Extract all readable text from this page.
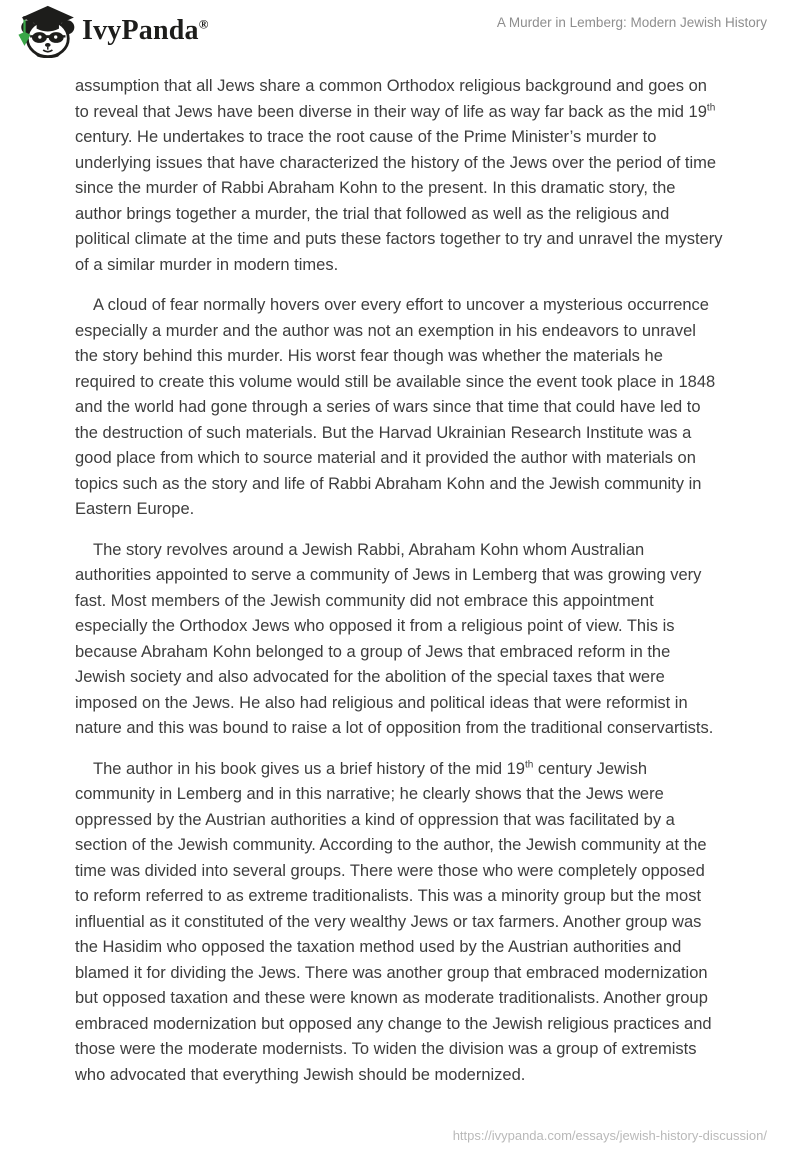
IvyPanda®	A Murder in Lemberg: Modern Jewish History

assumption that all Jews share a common Orthodox religious background and goes on to reveal that Jews have been diverse in their way of life as way far back as the mid 19th century. He undertakes to trace the root cause of the Prime Minister’s murder to underlying issues that have characterized the history of the Jews over the period of time since the murder of Rabbi Abraham Kohn to the present. In this dramatic story, the author brings together a murder, the trial that followed as well as the religious and political climate at the time and puts these factors together to try and unravel the mystery of a similar murder in modern times.

A cloud of fear normally hovers over every effort to uncover a mysterious occurrence especially a murder and the author was not an exemption in his endeavors to unravel the story behind this murder. His worst fear though was whether the materials he required to create this volume would still be available since the event took place in 1848 and the world had gone through a series of wars since that time that could have led to the destruction of such materials. But the Harvad Ukrainian Research Institute was a good place from which to source material and it provided the author with materials on topics such as the story and life of Rabbi Abraham Kohn and the Jewish community in Eastern Europe.

The story revolves around a Jewish Rabbi, Abraham Kohn whom Australian authorities appointed to serve a community of Jews in Lemberg that was growing very fast. Most members of the Jewish community did not embrace this appointment especially the Orthodox Jews who opposed it from a religious point of view. This is because Abraham Kohn belonged to a group of Jews that embraced reform in the Jewish society and also advocated for the abolition of the special taxes that were imposed on the Jews. He also had religious and political ideas that were reformist in nature and this was bound to raise a lot of opposition from the traditional conservartists.

The author in his book gives us a brief history of the mid 19th century Jewish community in Lemberg and in this narrative; he clearly shows that the Jews were oppressed by the Austrian authorities a kind of oppression that was facilitated by a section of the Jewish community. According to the author, the Jewish community at the time was divided into several groups. There were those who were completely opposed to reform referred to as extreme traditionalists. This was a minority group but the most influential as it constituted of the very wealthy Jews or tax farmers. Another group was the Hasidim who opposed the taxation method used by the Austrian authorities and blamed it for dividing the Jews. There was another group that embraced modernization but opposed taxation and these were known as moderate traditionalists. Another group embraced modernization but opposed any change to the Jewish religious practices and those were the moderate modernists. To widen the division was a group of extremists who advocated that everything Jewish should be modernized.

https://ivypanda.com/essays/jewish-history-discussion/
